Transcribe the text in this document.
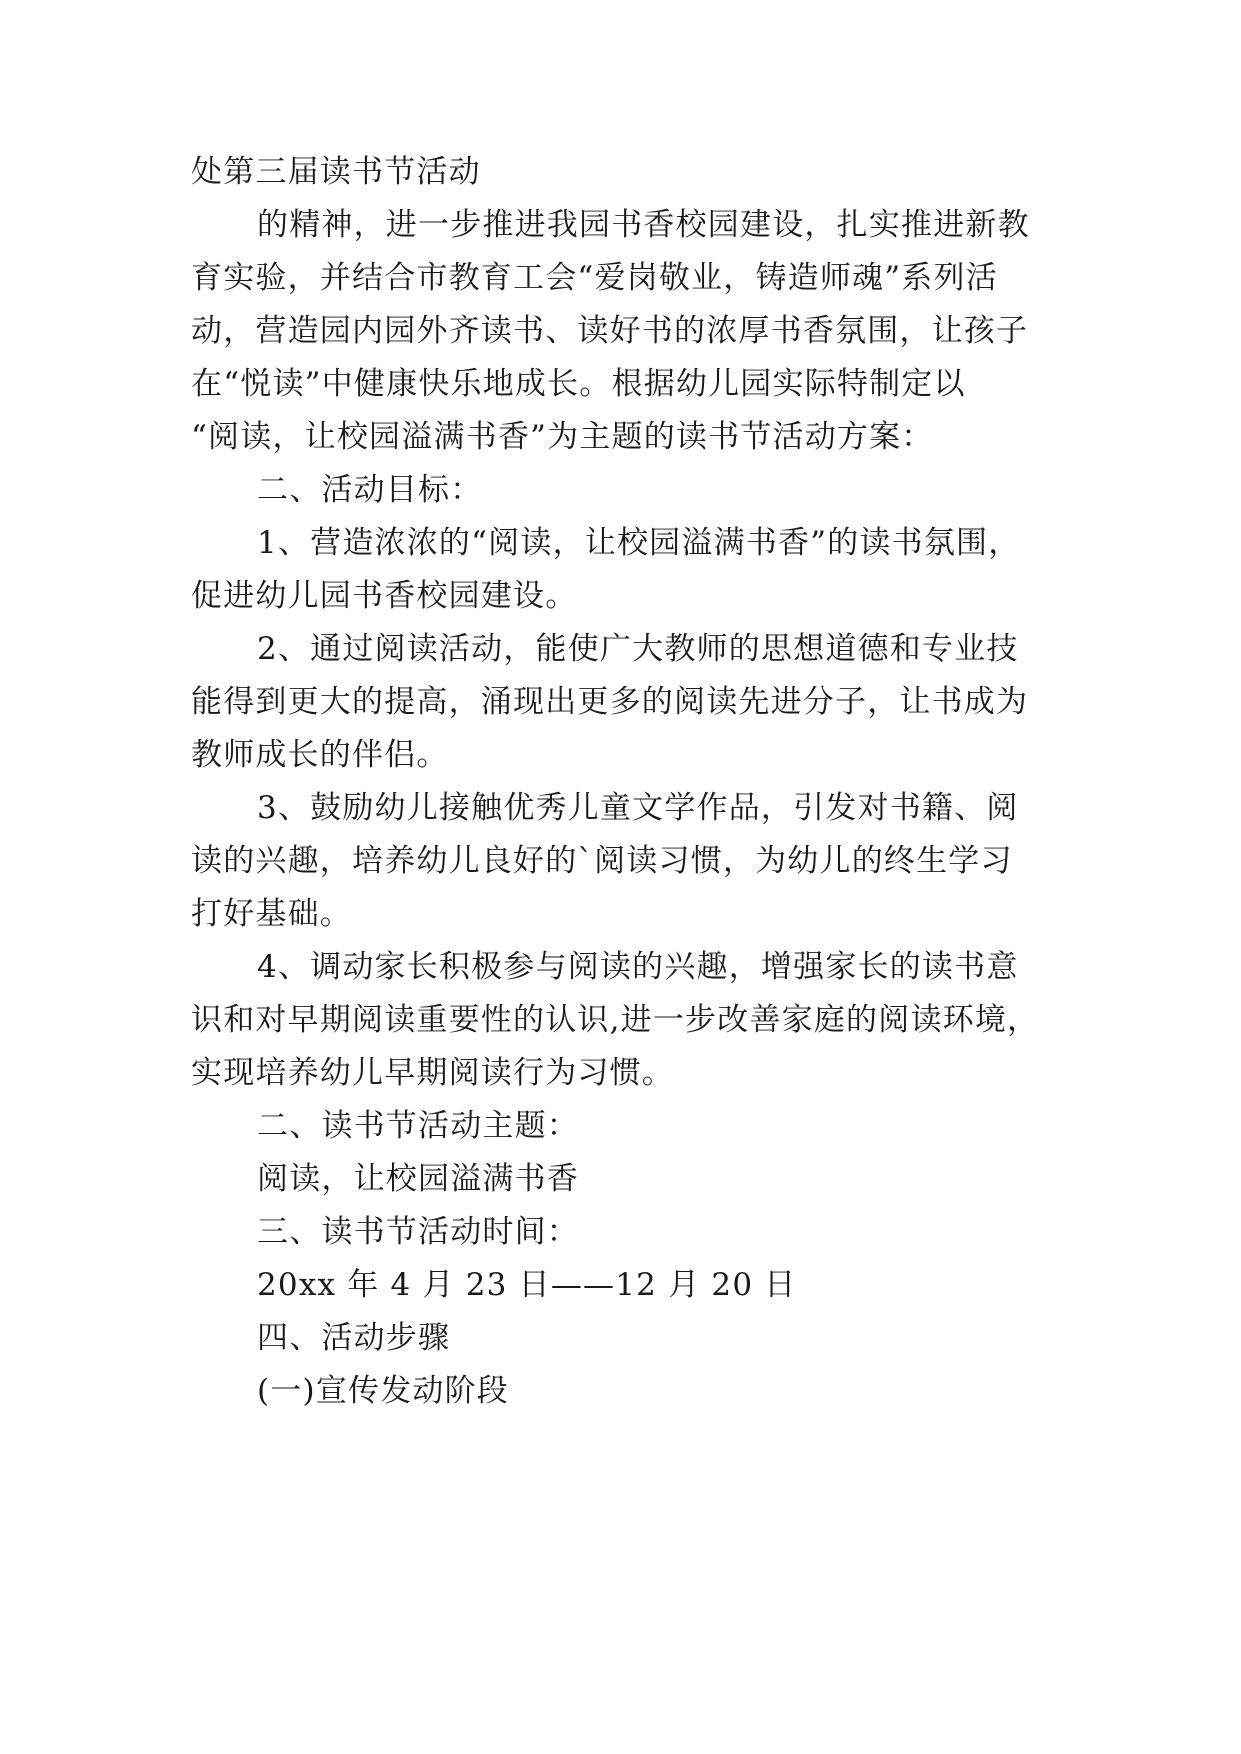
处第三届读书节活动
的精神，进一步推进我园书香校园建设，扎实推进新教
育实验，并结合市教育工会“爱岗敬业，铸造师魂”系列活
动，营造园内园外齐读书、读好书的浓厚书香氛围，让孩子
在“悦读”中健康快乐地成长。根据幼儿园实际特制定以
“阅读，让校园溢满书香”为主题的读书节活动方案：
二、活动目标：
1、营造浓浓的“阅读，让校园溢满书香”的读书氛围，
促进幼儿园书香校园建设。
2、通过阅读活动，能使广大教师的思想道德和专业技
能得到更大的提高，涌现出更多的阅读先进分子，让书成为
教师成长的伴侣。
3、鼓励幼儿接触优秀儿童文学作品，引发对书籍、阅
读的兴趣，培养幼儿良好的`阅读习惯，为幼儿的终生学习
打好基础。
4、调动家长积极参与阅读的兴趣，增强家长的读书意
识和对早期阅读重要性的认识,进一步改善家庭的阅读环境，
实现培养幼儿早期阅读行为习惯。
二、读书节活动主题：
阅读，让校园溢满书香
三、读书节活动时间：
20xx 年 4 月 23 日——12 月 20 日
四、活动步骤
(一)宣传发动阶段
